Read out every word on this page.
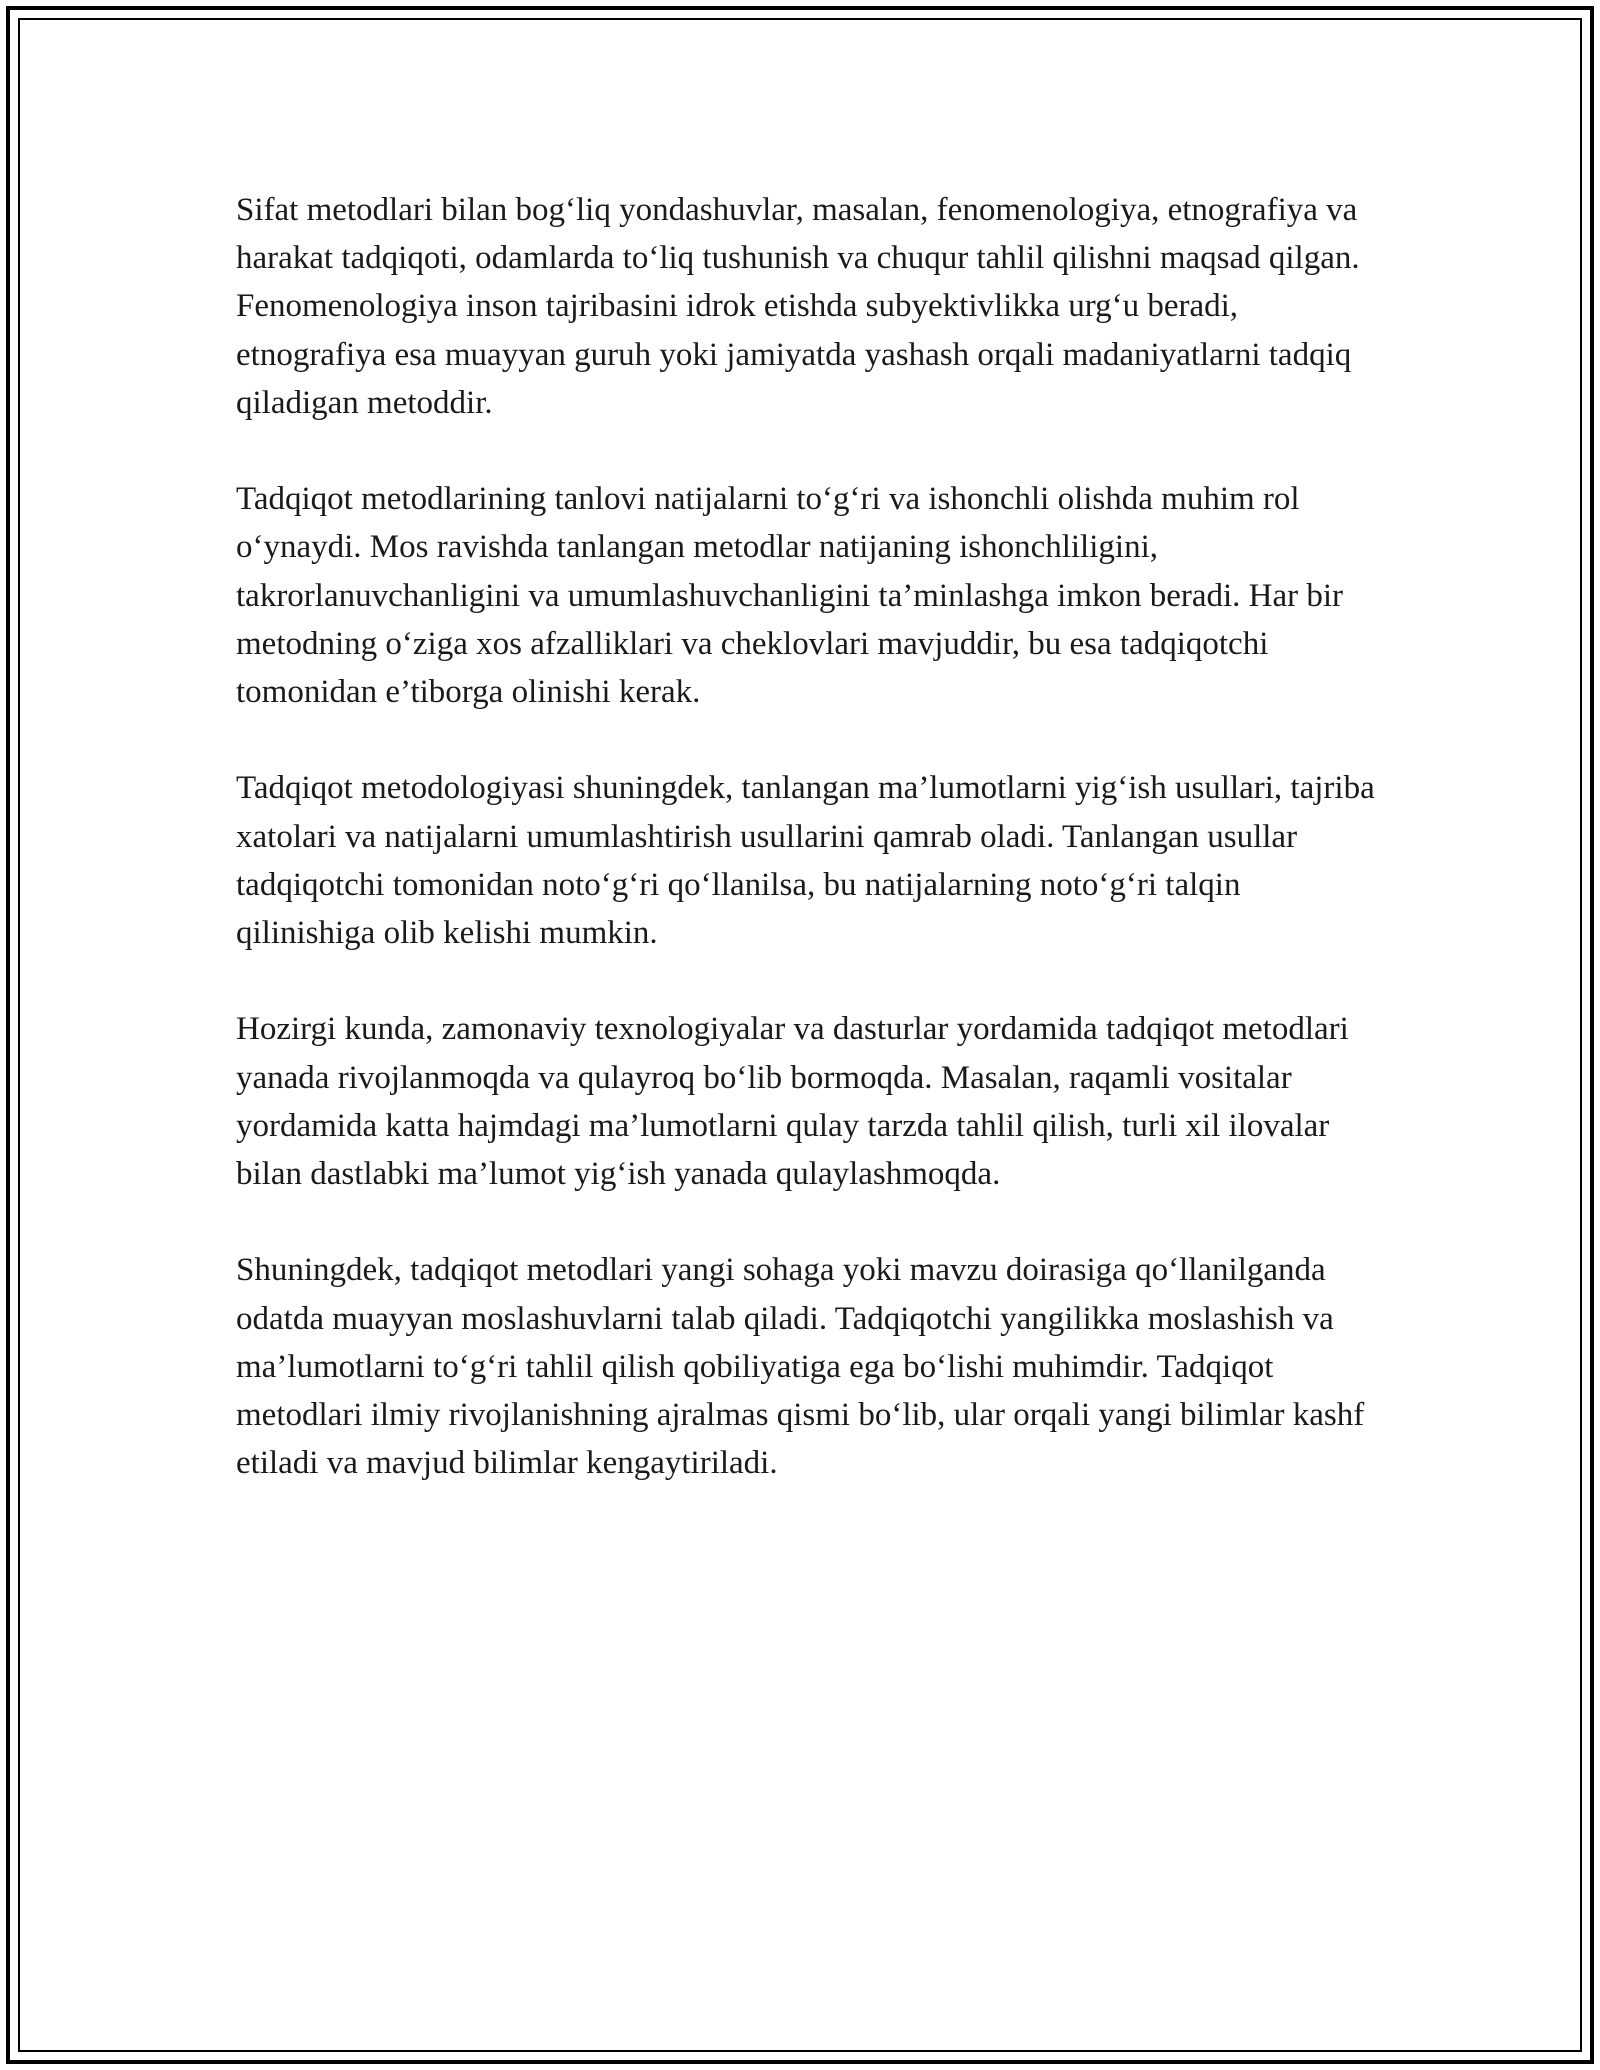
Sifat metodlari bilan bog‘liq yondashuvlar, masalan, fenomenologiya, etnografiya va harakat tadqiqoti, odamlarda to‘liq tushunish va chuqur tahlil qilishni maqsad qilgan. Fenomenologiya inson tajribasini idrok etishda subyektivlikka urg‘u beradi, etnografiya esa muayyan guruh yoki jamiyatda yashash orqali madaniyatlarni tadqiq qiladigan metoddir.

Tadqiqot metodlarining tanlovi natijalarni to‘g‘ri va ishonchli olishda muhim rol o‘ynaydi. Mos ravishda tanlangan metodlar natijaning ishonchliligini, takrorlanuvchanligini va umumlashuvchanligini ta’minlashga imkon beradi. Har bir metodning o‘ziga xos afzalliklari va cheklovlari mavjuddir, bu esa tadqiqotchi tomonidan e’tiborga olinishi kerak.

Tadqiqot metodologiyasi shuningdek, tanlangan ma’lumotlarni yig‘ish usullari, tajriba xatolari va natijalarni umumlashtirish usullarini qamrab oladi. Tanlangan usullar tadqiqotchi tomonidan noto‘g‘ri qo‘llanilsa, bu natijalarning noto‘g‘ri talqin qilinishiga olib kelishi mumkin.

Hozirgi kunda, zamonaviy texnologiyalar va dasturlar yordamida tadqiqot metodlari yanada rivojlanmoqda va qulayroq bo‘lib bormoqda. Masalan, raqamli vositalar yordamida katta hajmdagi ma’lumotlarni qulay tarzda tahlil qilish, turli xil ilovalar bilan dastlabki ma’lumot yig‘ish yanada qulaylashmoqda.

Shuningdek, tadqiqot metodlari yangi sohaga yoki mavzu doirasiga qo‘llanilganda odatda muayyan moslashuvlarni talab qiladi. Tadqiqotchi yangilikka moslashish va ma’lumotlarni to‘g‘ri tahlil qilish qobiliyatiga ega bo‘lishi muhimdir. Tadqiqot metodlari ilmiy rivojlanishning ajralmas qismi bo‘lib, ular orqali yangi bilimlar kashf etiladi va mavjud bilimlar kengaytiriladi.
